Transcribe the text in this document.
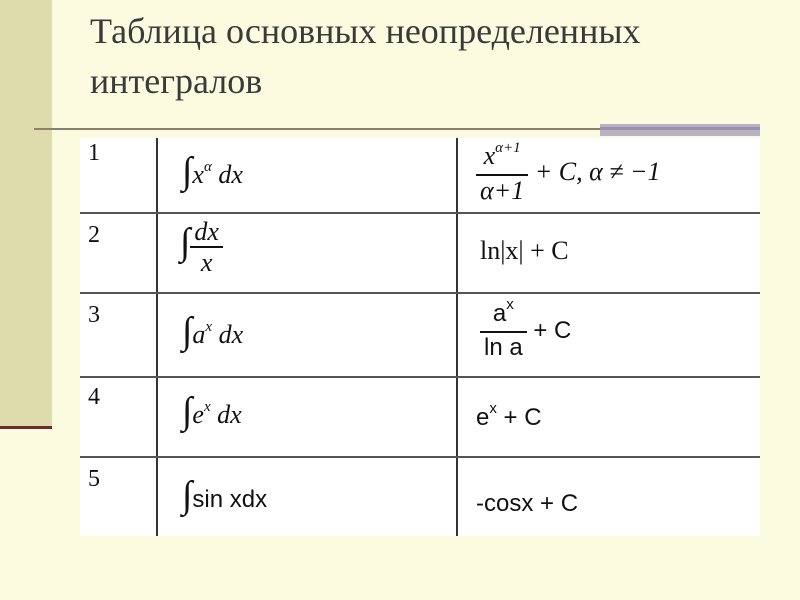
Таблица основных неопределенных интегралов
1 $\int x^\alpha$ dx	$\frac{x^{\alpha+1}}{\alpha+1} + C$, α ≠ −1
2 ∫ $\frac{dx}{x}$	ln|x| + C
3 $\int a^x$ dx	$\frac{a^x}{\text{ln a}} + C$
4 $\int e^x$ dx	$e^x + C$
5 ∫sin xdx	-cosx + C
